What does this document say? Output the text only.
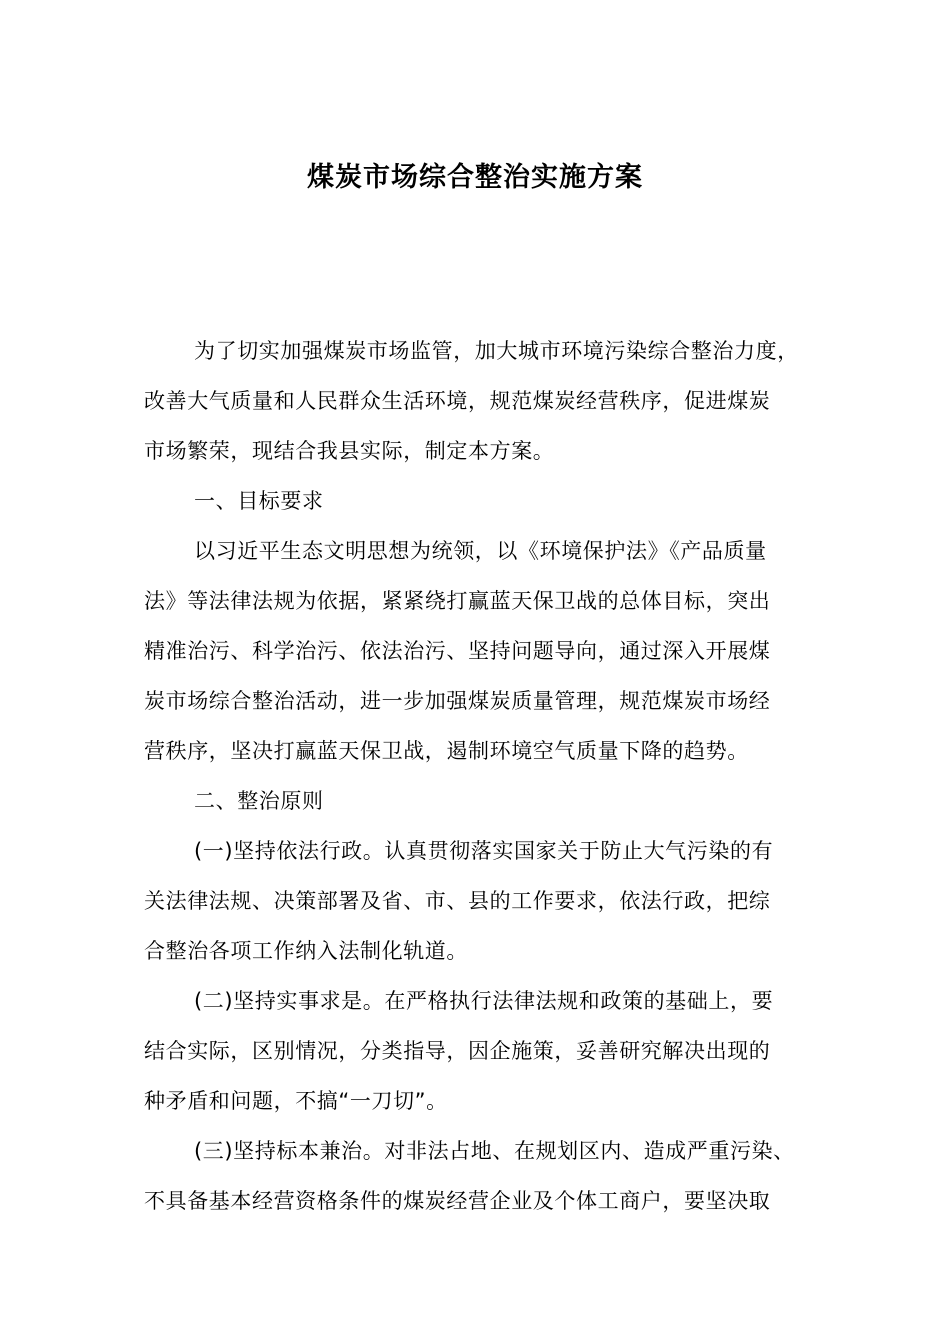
煤炭市场综合整治实施方案
为了切实加强煤炭市场监管，加大城市环境污染综合整治力度，
改善大气质量和人民群众生活环境，规范煤炭经营秩序，促进煤炭
市场繁荣，现结合我县实际，制定本方案。
一、目标要求
以习近平生态文明思想为统领，以《环境保护法》《产品质量
法》等法律法规为依据，紧紧绕打赢蓝天保卫战的总体目标，突出
精准治污、科学治污、依法治污、坚持问题导向，通过深入开展煤
炭市场综合整治活动，进一步加强煤炭质量管理，规范煤炭市场经
营秩序，坚决打赢蓝天保卫战，遏制环境空气质量下降的趋势。
二、整治原则
(一)坚持依法行政。认真贯彻落实国家关于防止大气污染的有
关法律法规、决策部署及省、市、县的工作要求，依法行政，把综
合整治各项工作纳入法制化轨道。
(二)坚持实事求是。在严格执行法律法规和政策的基础上，要
结合实际，区别情况，分类指导，因企施策，妥善研究解决出现的
种矛盾和问题，不搞“一刀切”。
(三)坚持标本兼治。对非法占地、在规划区内、造成严重污染、
不具备基本经营资格条件的煤炭经营企业及个体工商户，要坚决取
